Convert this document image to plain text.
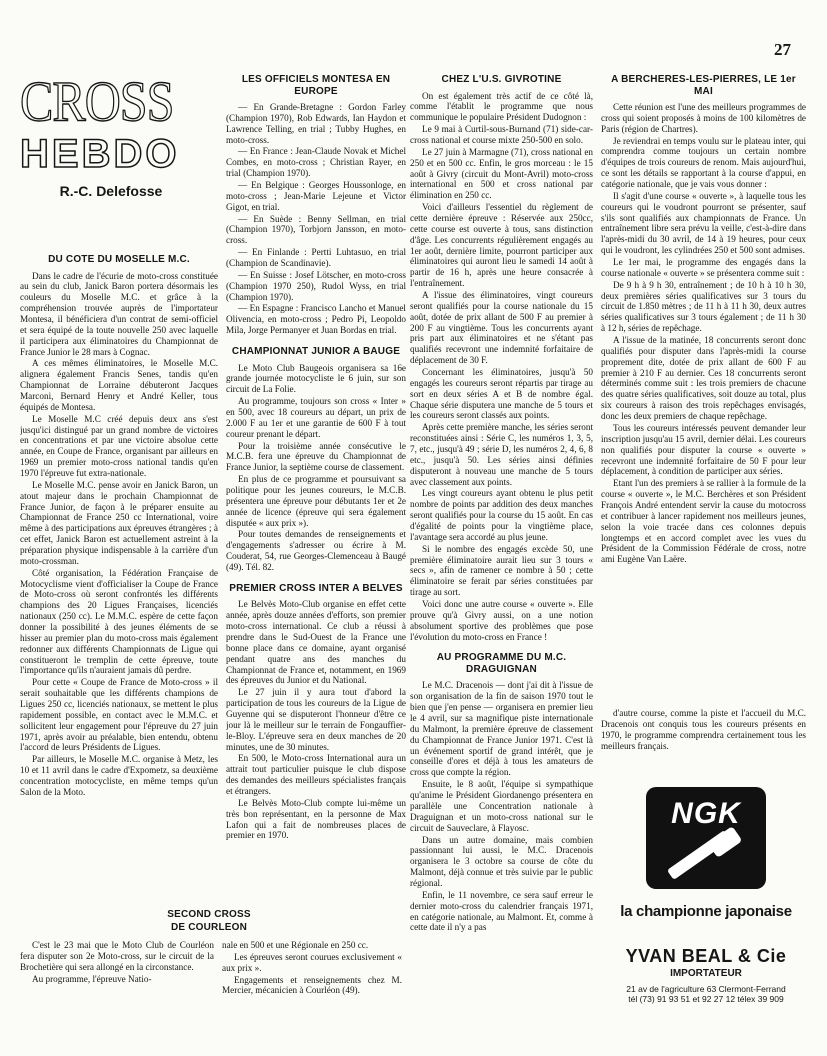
27
CROSS
HEBDO
R.-C. Delefosse
DU COTE DU MOSELLE M.C.

Dans le cadre de l'écurie de moto-cross constituée au sein du club, Janick Baron portera désormais les couleurs du Moselle M.C. et grâce à la compréhension trouvée auprès de l'importateur Montesa, il bénéficiera d'un contrat de semi-officiel et sera équipé de la toute nouvelle 250 avec laquelle il participera aux éliminatoires du Championnat de France Junior le 28 mars à Cognac.

A ces mêmes éliminatoires, le Moselle M.C. alignera également Francis Senes, tandis qu'en Championnat de Lorraine débuteront Jacques Marconi, Bernard Henry et André Keller, tous équipés de Montesa.

Le Moselle M.C créé depuis deux ans s'est jusqu'ici distingué par un grand nombre de victoires en concentrations et par une victoire absolue cette année, en Coupe de France, organisant par ailleurs en 1969 un premier moto-cross national tandis qu'en 1970 l'épreuve fut extra-nationale.

Le Moselle M.C. pense avoir en Janick Baron, un atout majeur dans le prochain Championnat de France Junior, de façon à le préparer ensuite au Championnat de France 250 cc International, voire même à des participations aux épreuves étrangères ; à cet effet, Janick Baron est actuellement astreint à la préparation physique indispensable à la carrière d'un moto-crossman.

Côté organisation, la Fédération Française de Motocyclisme vient d'officialiser la Coupe de France de Moto-cross où seront confrontés les différents champions des 20 Ligues Françaises, licenciés nationaux (250 cc). Le M.M.C. espère de cette façon donner la possibilité à des jeunes éléments de se hisser au premier plan du moto-cross mais également redonner aux différents Championnats de Ligue qui constitueront le tremplin de cette épreuve, toute l'importance qu'ils n'auraient jamais dû perdre.

Pour cette « Coupe de France de Moto-cross » il serait souhaitable que les différents champions de Ligues 250 cc, licenciés nationaux, se mettent le plus rapidement possible, en contact avec le M.M.C. et sollicitent leur engagement pour l'épreuve du 27 juin 1971, après avoir au préalable, bien entendu, obtenu l'accord de leurs Présidents de Ligues.

Par ailleurs, le Moselle M.C. organise à Metz, les 10 et 11 avril dans le cadre d'Expometz, sa deuxième concentration motocycliste, en même temps qu'un Salon de la Moto.

LES OFFICIELS MONTESA EN EUROPE

— En Grande-Bretagne : Gordon Farley (Champion 1970), Rob Edwards, Ian Haydon et Lawrence Telling, en trial ; Tubby Hughes, en moto-cross.

— En France : Jean-Claude Novak et Michel Combes, en moto-cross ; Christian Rayer, en trial (Champion 1970).

— En Belgique : Georges Houssonloge, en moto-cross ; Jean-Marie Lejeune et Victor Gigot, en trial.

— En Suède : Benny Sellman, en trial (Champion 1970), Torbjorn Jansson, en moto-cross.

— En Finlande : Pertti Luhtasuo, en trial (Champion de Scandinavie).

— En Suisse : Josef Lötscher, en moto-cross (Champion 1970 250), Rudol Wyss, en trial (Champion 1970).

— En Espagne : Francisco Lancho et Manuel Olivencia, en moto-cross ; Pedro Pi, Leopoldo Mila, Jorge Permanyer et Juan Bordas en trial.

CHAMPIONNAT JUNIOR A BAUGE

Le Moto Club Baugeois organisera sa 16e grande journée motocycliste le 6 juin, sur son circuit de La Folie.

Au programme, toujours son cross « Inter » en 500, avec 18 coureurs au départ, un prix de 2.000 F au 1er et une garantie de 600 F à tout coureur prenant le départ.

Pour la troisième année consécutive le M.C.B. fera une épreuve du Championnat de France Junior, la septième course de classement.

En plus de ce programme et poursuivant sa politique pour les jeunes coureurs, le M.C.B. présentera une épreuve pour débutants 1er et 2e année de licence (épreuve qui sera également disputée « aux prix »).

Pour toutes demandes de renseignements et d'engagements s'adresser ou écrire à M. Couderat, 54, rue Georges-Clemenceau à Baugé (49). Tél. 82.

PREMIER CROSS INTER A BELVES

Le Belvès Moto-Club organise en effet cette année, après douze années d'efforts, son premier moto-cross international. Ce club a réussi à prendre dans le Sud-Ouest de la France une bonne place dans ce domaine, ayant organisé pendant quatre ans des manches du Championnat de France et, notamment, en 1969 des épreuves du Junior et du National.

Le 27 juin il y aura tout d'abord la participation de tous les coureurs de la Ligue de Guyenne qui se disputeront l'honneur d'être ce jour là le meilleur sur le terrain de Fongauffier-le-Bloy. L'épreuve sera en deux manches de 20 minutes, une de 30 minutes.

En 500, le Moto-cross International aura un attrait tout particulier puisque le club dispose des demandes des meilleurs spécialistes français et étrangers.

Le Belvès Moto-Club compte lui-même un très bon représentant, en la personne de Max Lafon qui a fait de nombreuses places de premier en 1970.

CHEZ L'U.S. GIVROTINE

On est également très actif de ce côté là, comme l'établit le programme que nous communique le populaire Président Dudognon :

Le 9 mai à Curtil-sous-Burnand (71) side-car-cross national et course mixte 250-500 en solo.

Le 27 juin à Marmagne (71), cross national en 250 et en 500 cc. Enfin, le gros morceau : le 15 août à Givry (circuit du Mont-Avril) moto-cross international en 500 et cross national par élimination en 250 cc.

Voici d'ailleurs l'essentiel du règlement de cette dernière épreuve : Réservée aux 250cc, cette course est ouverte à tous, sans distinction d'âge. Les concurrents régulièrement engagés au 1er août, dernière limite, pourront participer aux éliminatoires qui auront lieu le samedi 14 août à partir de 16 h, après une heure consacrée à l'entraînement.

A l'issue des éliminatoires, vingt coureurs seront qualifiés pour la course nationale du 15 août, dotée de prix allant de 500 F au premier à 200 F au vingtième. Tous les concurrents ayant pris part aux éliminatoires et ne s'étant pas qualifiés recevront une indemnité forfaitaire de déplacement de 30 F.

Concernant les éliminatoires, jusqu'à 50 engagés les coureurs seront répartis par tirage au sort en deux séries A et B de nombre égal. Chaque série disputera une manche de 5 tours et les coureurs seront classés aux points.

Après cette première manche, les séries seront reconstituées ainsi : Série C, les numéros 1, 3, 5, 7, etc., jusqu'à 49 ; série D, les numéros 2, 4, 6, 8 etc., jusqu'à 50. Les séries ainsi définies disputeront à nouveau une manche de 5 tours avec classement aux points.

Les vingt coureurs ayant obtenu le plus petit nombre de points par addition des deux manches seront qualifiés pour la course du 15 août. En cas d'égalité de points pour la vingtième place, l'avantage sera accordé au plus jeune.

Si le nombre des engagés excède 50, une première éliminatoire aurait lieu sur 3 tours « secs », afin de ramener ce nombre à 50 ; cette éliminatoire se ferait par séries constituées par tirage au sort.

Voici donc une autre course « ouverte ». Elle prouve qu'à Givry aussi, on a une notion absolument sportive des problèmes que pose l'évolution du moto-cross en France !

AU PROGRAMME DU M.C. DRAGUIGNAN

Le M.C. Dracenois — dont j'ai dit à l'issue de son organisation de la fin de saison 1970 tout le bien que j'en pense — organisera en premier lieu le 4 avril, sur sa magnifique piste internationale du Malmont, la première épreuve de classement du Championnat de France Junior 1971. C'est là un événement sportif de grand intérêt, que je conseille d'ores et déjà à tous les amateurs de cross que compte la région.

Ensuite, le 8 août, l'équipe si sympathique qu'anime le Président Giordanengo présentera en parallèle une Concentration nationale à Draguignan et un moto-cross national sur le circuit de Sauveclare, à Flayosc.

Dans un autre domaine, mais combien passionnant lui aussi, le M.C. Dracenois organisera le 3 octobre sa course de côte du Malmont, déjà connue et très suivie par le public régional.

Enfin, le 11 novembre, ce sera sauf erreur le dernier moto-cross du calendrier français 1971, en catégorie nationale, au Malmont. Et, comme à cette date il n'y a pas

A BERCHERES-LES-PIERRES, LE 1er MAI

Cette réunion est l'une des meilleurs programmes de cross qui soient proposés à moins de 100 kilomètres de Paris (région de Chartres).

Je reviendrai en temps voulu sur le plateau inter, qui comprendra comme toujours un certain nombre d'équipes de trois coureurs de renom. Mais aujourd'hui, ce sont les détails se rapportant à la course d'appui, en catégorie nationale, que je vais vous donner :

Il s'agit d'une course « ouverte », à laquelle tous les coureurs qui le voudront pourront se présenter, sauf s'ils sont qualifiés aux championnats de France. Un entraînement libre sera prévu la veille, c'est-à-dire dans l'après-midi du 30 avril, de 14 à 19 heures, pour ceux qui le voudront, les cylindrées 250 et 500 sont admises.

Le 1er mai, le programme des engagés dans la course nationale « ouverte » se présentera comme suit :

De 9 h à 9 h 30, entraînement ; de 10 h à 10 h 30, deux premières séries qualificatives sur 3 tours du circuit de 1.850 mètres ; de 11 h à 11 h 30, deux autres séries qualificatives sur 3 tours également ; de 11 h 30 à 12 h, séries de repêchage.

A l'issue de la matinée, 18 concurrents seront donc qualifiés pour disputer dans l'après-midi la course proprement dite, dotée de prix allant de 600 F au premier à 210 F au dernier. Ces 18 concurrents seront déterminés comme suit : les trois premiers de chacune des quatre séries qualificatives, soit douze au total, plus six coureurs à raison des trois repêchages envisagés, donc les deux premiers de chaque repêchage.

Tous les coureurs intéressés peuvent demander leur inscription jusqu'au 15 avril, dernier délai. Les coureurs non qualifiés pour disputer la course « ouverte » recevront une indemnité forfaitaire de 50 F pour leur déplacement, à condition de participer aux séries.

Etant l'un des premiers à se rallier à la formule de la course « ouverte », le M.C. Berchères et son Président François André entendent servir la cause du motocross et contribuer à lancer rapidement nos meilleurs jeunes, selon la voie tracée dans ces colonnes depuis longtemps et en accord complet avec les vues du Président de la Commission Fédérale de cross, notre ami Eugène Van Laëre.

d'autre course, comme la piste et l'accueil du M.C. Dracenois ont conquis tous les coureurs présents en 1970, le programme comprendra certainement tous les meilleurs français.

SECOND CROSS
DE COURLEON

C'est le 23 mai que le Moto Club de Courléon fera disputer son 2e Moto-cross, sur le circuit de la Brochetière qui sera allongé en la circonstance.

Au programme, l'épreuve Natio-

nale en 500 et une Régionale en 250 cc.

Les épreuves seront courues exclusivement « aux prix ».

Engagements et renseignements chez M. Mercier, mécanicien à Courléon (49).

NGK
la championne japonaise
YVAN BEAL & Cie
IMPORTATEUR
21 av de l'agriculture 63 Clermont-Ferrand
tél (73) 91 93 51 et 92 27 12 télex 39 909
